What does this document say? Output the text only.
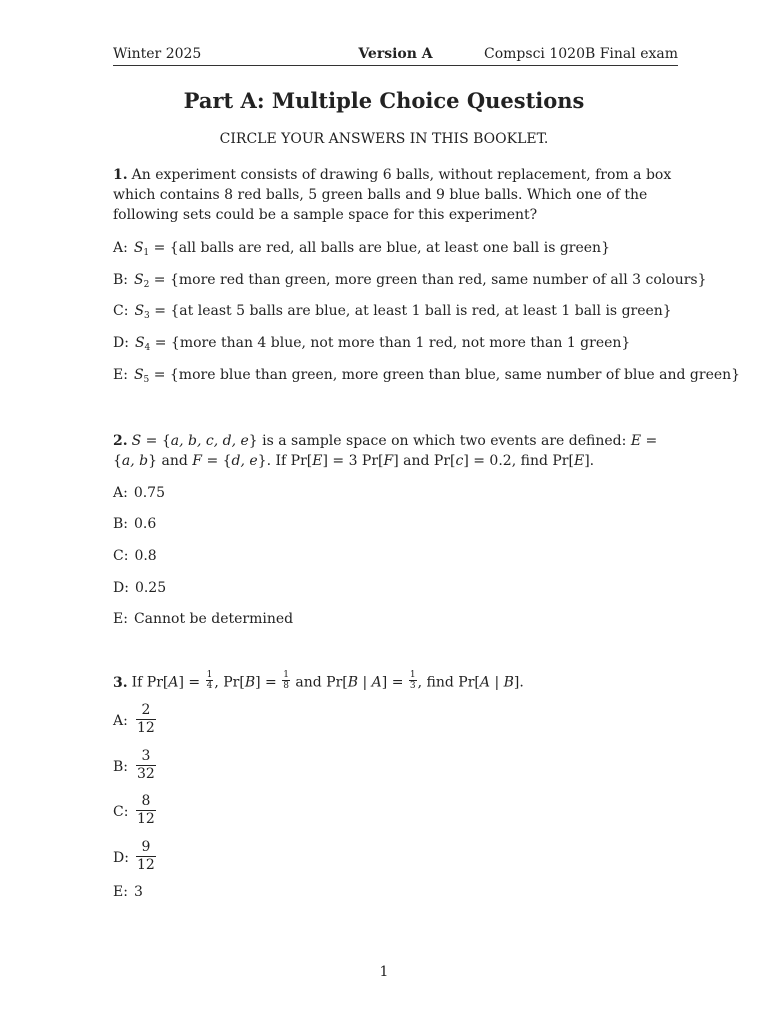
Winter 2025	Version A	Compsci 1020B Final exam
Part A: Multiple Choice Questions
CIRCLE YOUR ANSWERS IN THIS BOOKLET.
1. An experiment consists of drawing 6 balls, without replacement, from a box which contains 8 red balls, 5 green balls and 9 blue balls. Which one of the following sets could be a sample space for this experiment?
A: $S_1 = \{all$ balls are red, all balls are blue, at least one ball is green}
B: $S_2$ = {more red than green, more green than red, same number of all 3 colours}
C: $S_3 = \{at$ least 5 balls are blue, at least 1 ball is red, at least 1 ball is green}
D: $S_4$ = {more than 4 blue, not more than 1 red, not more than 1 green}
E: $S_5$ = {more blue than green, more green than blue, same number of blue and green}
2. S = {a, b, c, d, e} is a sample space on which two events are defined: E = {a, b} and F = {d, e}. If Pr[E] = 3 Pr[F] and Pr[c] = 0.2, find Pr[E].
A: 0.75
B: 0.6
C: 0.8
D: 0.25
E: Cannot be determined
3. If $Pr[A] = \frac{1}{4}$ , $Pr[B] = \frac{1}{8}$ and Pr[B | $A] = \frac{1}{3}$ , find Pr[A | B].
A: $\frac{2}{12}$
B: $\frac{3}{32}$
C: $\frac{8}{12}$
D: $\frac{9}{12}$
E: 3
1
